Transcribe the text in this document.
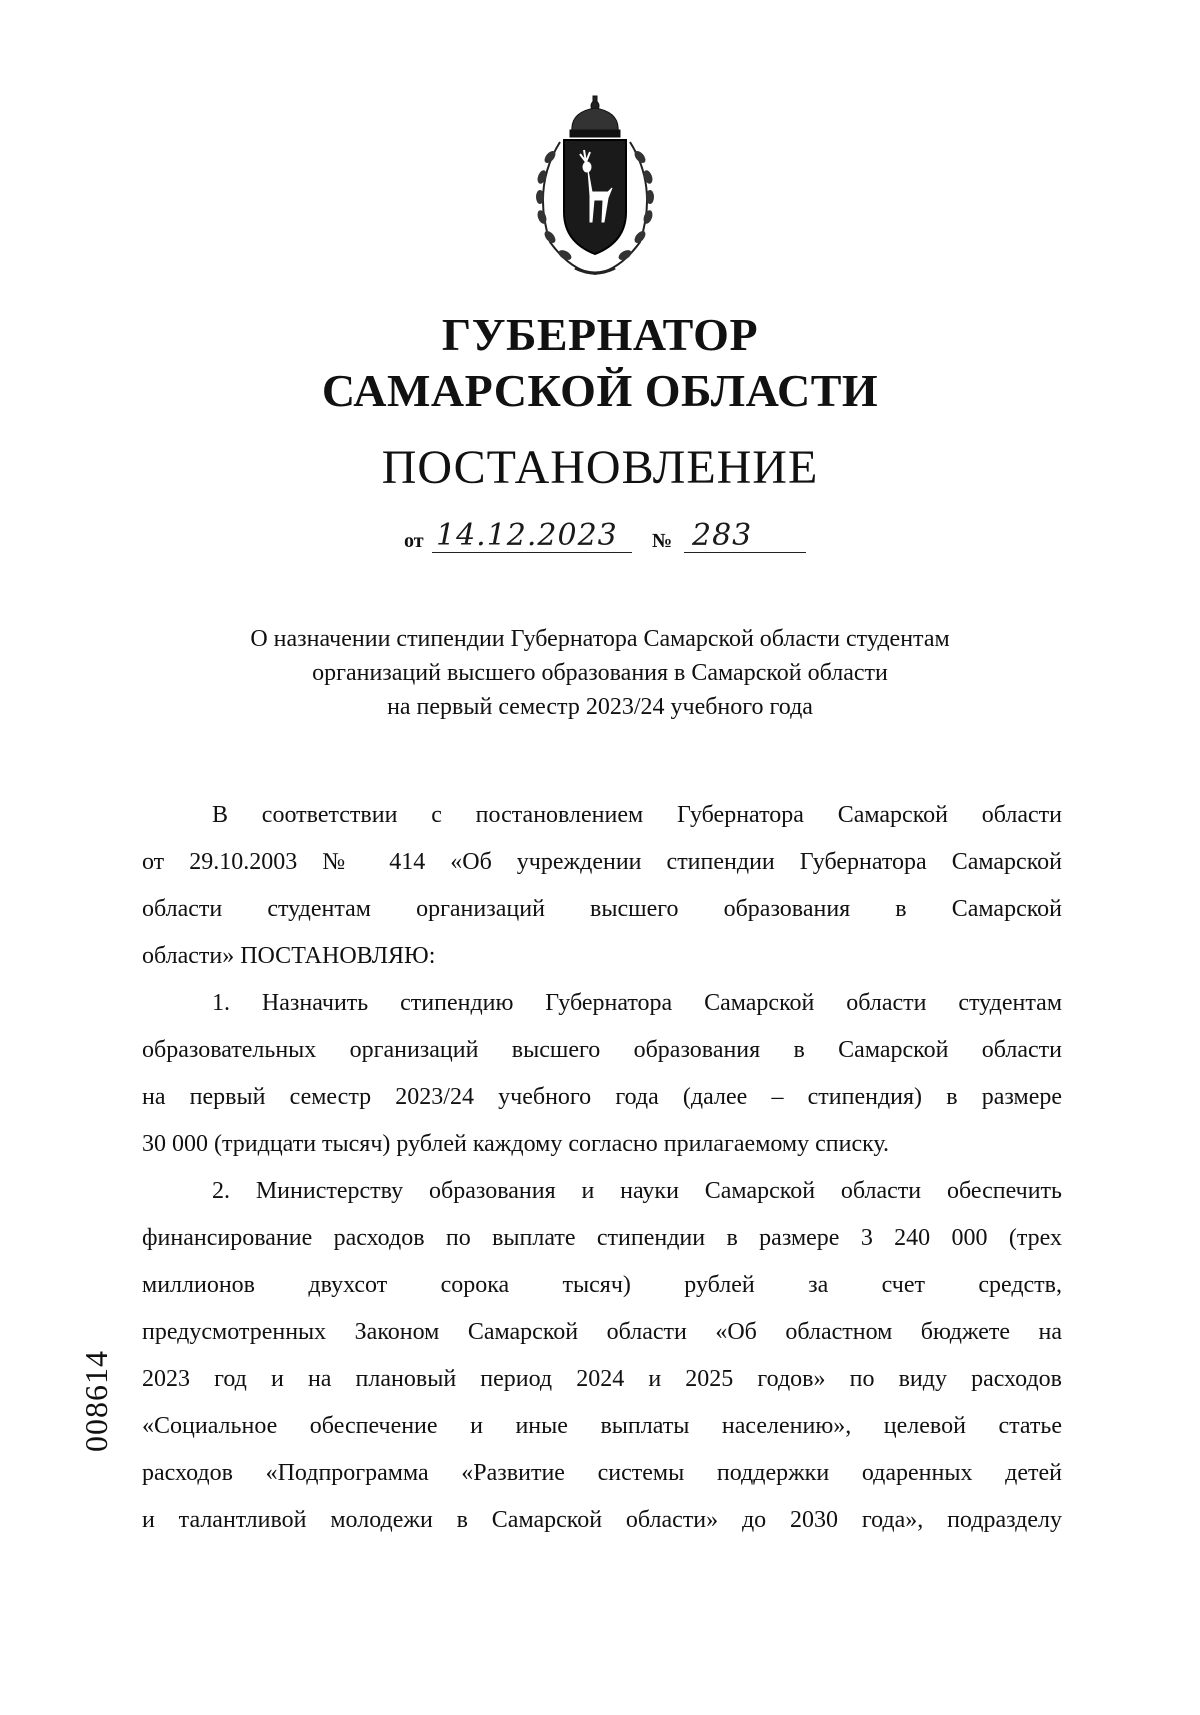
ГУБЕРНАТОР
САМАРСКОЙ ОБЛАСТИ
ПОСТАНОВЛЕНИЕ
от 14.12.2023 № 283
О назначении стипендии Губернатора Самарской области студентам
организаций высшего образования в Самарской области
на первый семестр 2023/24 учебного года
В соответствии с постановлением Губернатора Самарской области
от 29.10.2003 № 414 «Об учреждении стипендии Губернатора Самарской
области студентам организаций высшего образования в Самарской
области» ПОСТАНОВЛЯЮ:
1. Назначить стипендию Губернатора Самарской области студентам
образовательных организаций высшего образования в Самарской области
на первый семестр 2023/24 учебного года (далее – стипендия) в размере
30 000 (тридцати тысяч) рублей каждому согласно прилагаемому списку.
2. Министерству образования и науки Самарской области обеспечить
финансирование расходов по выплате стипендии в размере 3 240 000 (трех
миллионов двухсот сорока тысяч) рублей за счет средств,
предусмотренных Законом Самарской области «Об областном бюджете на
2023 год и на плановый период 2024 и 2025 годов» по виду расходов
«Социальное обеспечение и иные выплаты населению», целевой статье
расходов «Подпрограмма «Развитие системы поддержки одаренных детей
и талантливой молодежи в Самарской области» до 2030 года», подразделу
008614
